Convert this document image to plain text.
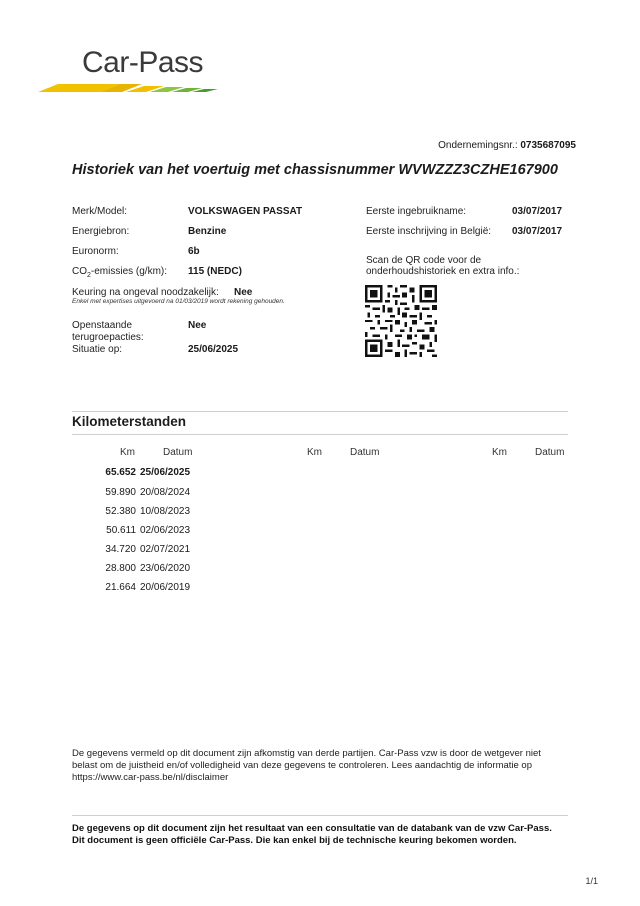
Car-Pass
Ondernemingsnr.: 0735687095
Historiek van het voertuig met chassisnummer WVWZZZ3CZHE167900
Merk/Model:	VOLKSWAGEN PASSAT
Energiebron:	Benzine
Euronorm:	6b
$CO_2$-emissies (g/km): 115 (NEDC)
Keuring na ongeval noodzakelijk: Nee
Enkel met expertises uitgevoerd na 01/03/2019 wordt rekening gehouden.
Openstaande
terugroepacties:
Nee
Situatie op:	25/06/2025
Eerste ingebruikname:	03/07/2017
Eerste inschrijving in België: 03/07/2017
Scan de QR code voor de
onderhoudshistoriek en extra info.:
Kilometerstanden
Km	Datum	Km	Datum	Km	Datum
65.652 25/06/2025
59.890 20/08/2024
52.380 10/08/2023
50.611 02/06/2023
34.720 02/07/2021
28.800 23/06/2020
21.664 20/06/2019
De gegevens vermeld op dit document zijn afkomstig van derde partijen. Car-Pass vzw is door de wetgever niet belast om de juistheid en/of volledigheid van deze gegevens te controleren. Lees aandachtig de informatie op https://www.car-pass.be/nl/disclaimer
De gegevens op dit document zijn het resultaat van een consultatie van de databank van de vzw Car-Pass.
Dit document is geen officiële Car-Pass. Die kan enkel bij de technische keuring bekomen worden.
1/1
